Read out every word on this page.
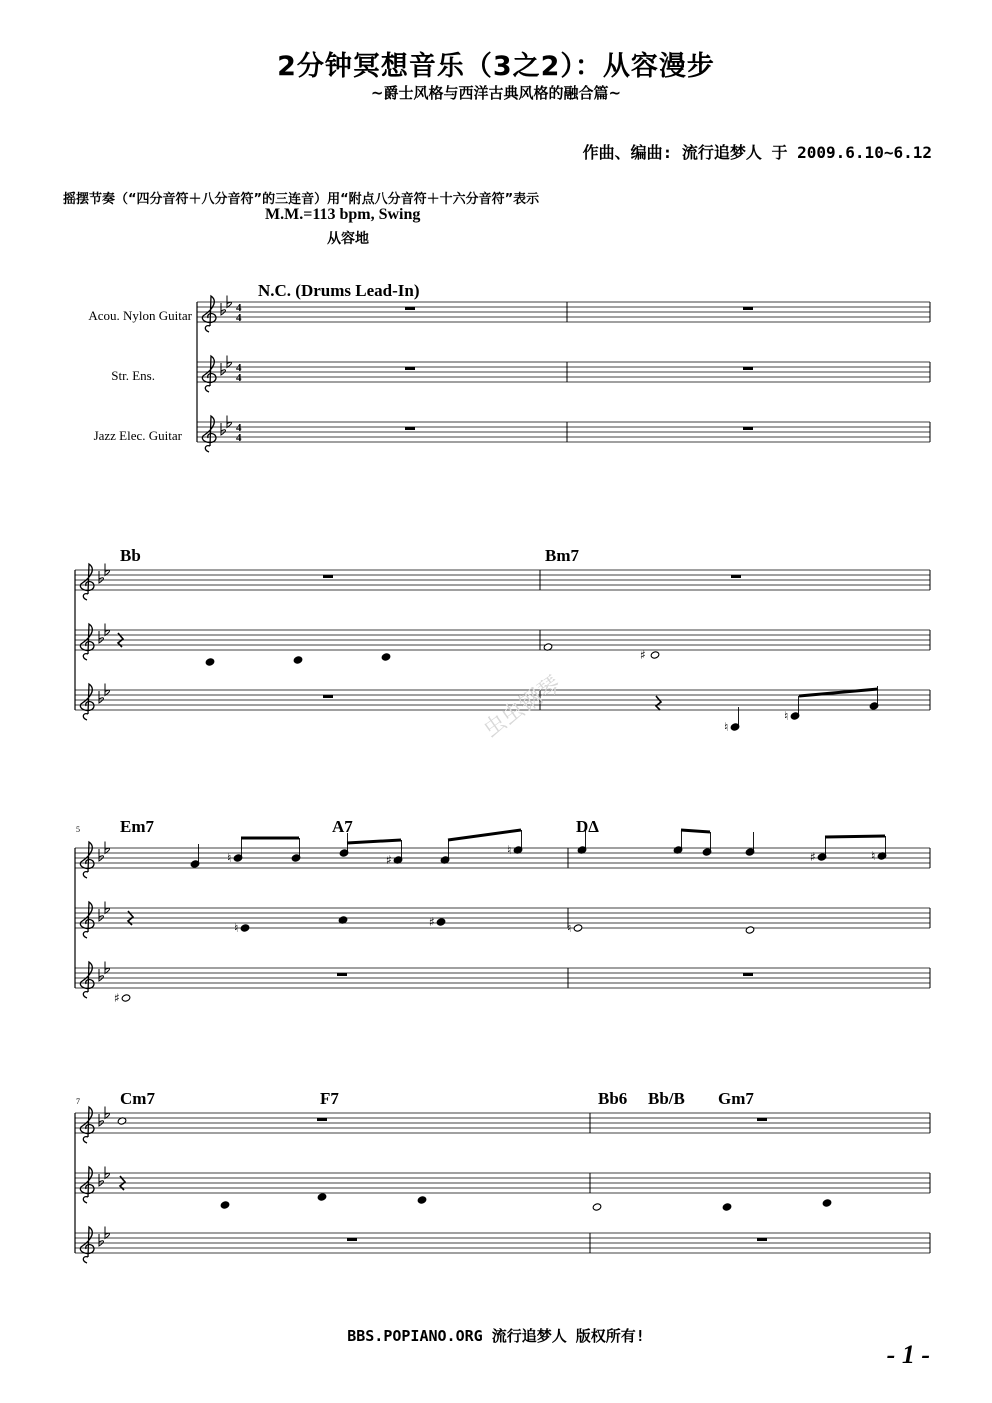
2分钟冥想音乐（3之2）：从容漫步
~爵士风格与西洋古典风格的融合篇~
作曲、编曲: 流行追梦人 于 2009.6.10~6.12
摇摆节奏（“四分音符＋八分音符”的三连音）用“附点八分音符＋十六分音符”表示
M.M.=113 bpm, Swing
从容地
Acou. Nylon Guitar
Str. Ens.
Jazz Elec. Guitar
4
4
4
4
4
4
N.C. (Drums Lead-In)
Bb	Bm7
♯
♮
♮
5 Em7	A7	DΔ
♮	♯
♮	♯	♮
♮	♯	♮
♯
7 Cm7	F7	Bb6 Bb/B Gm7
虫虫钢琴
BBS.POPIANO.ORG 流行追梦人 版权所有!
- 1 -
